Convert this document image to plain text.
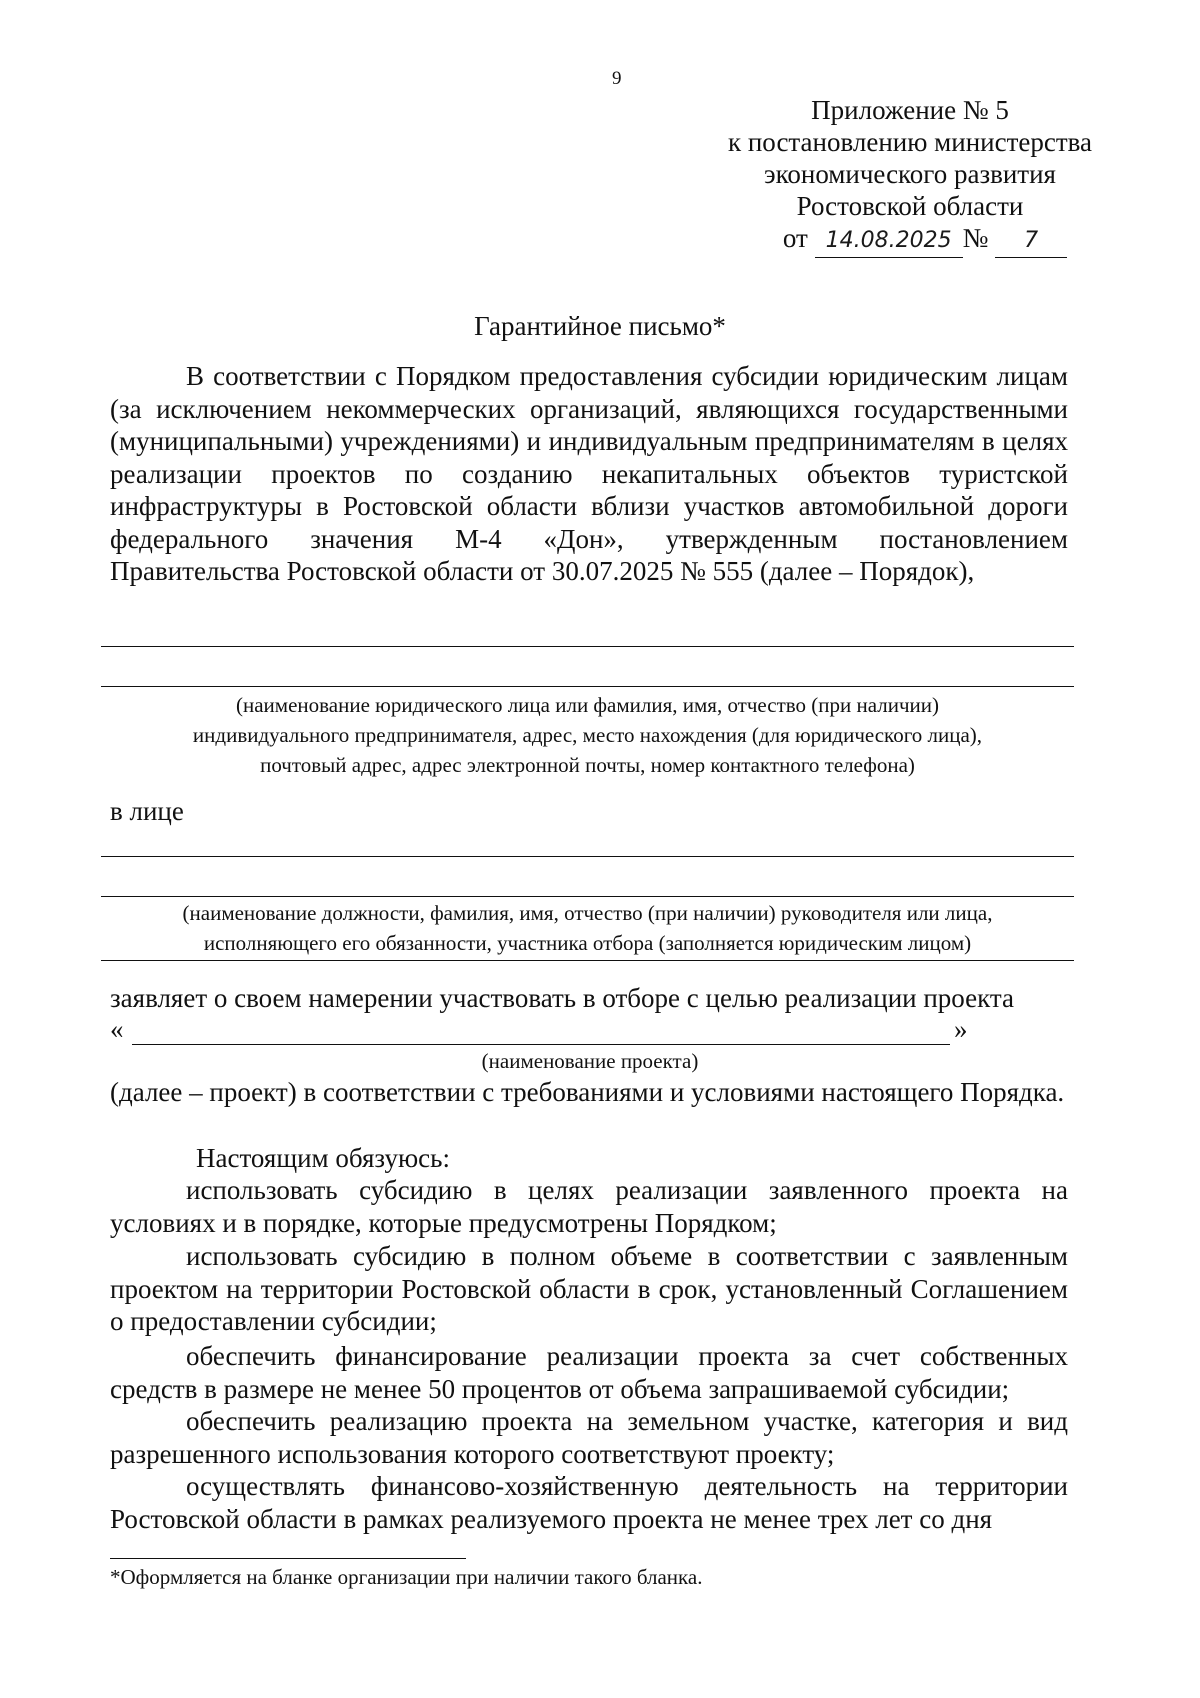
9
Приложение № 5
к постановлению министерства
экономического развития
Ростовской области
от 14.08.2025 № 7
Гарантийное письмо*
В соответствии с Порядком предоставления субсидии юридическим лицам (за исключением некоммерческих организаций, являющихся государственными (муниципальными) учреждениями) и индивидуальным предпринимателям в целях реализации проектов по созданию некапитальных объектов туристской инфраструктуры в Ростовской области вблизи участков автомобильной дороги федерального значения М-4 «Дон», утвержденным постановлением Правительства Ростовской области от 30.07.2025 № 555 (далее – Порядок),
(наименование юридического лица или фамилия, имя, отчество (при наличии)
индивидуального предпринимателя, адрес, место нахождения (для юридического лица),
почтовый адрес, адрес электронной почты, номер контактного телефона)
в лице
(наименование должности, фамилия, имя, отчество (при наличии) руководителя или лица,
исполняющего его обязанности, участника отбора (заполняется юридическим лицом)
заявляет о своем намерении участвовать в отборе с целью реализации проекта
«	»
(наименование проекта)
(далее – проект) в соответствии с требованиями и условиями настоящего Порядка.
Настоящим обязуюсь:
использовать субсидию в целях реализации заявленного проекта на условиях и в порядке, которые предусмотрены Порядком;
использовать субсидию в полном объеме в соответствии с заявленным проектом на территории Ростовской области в срок, установленный Соглашением о предоставлении субсидии;
обеспечить финансирование реализации проекта за счет собственных средств в размере не менее 50 процентов от объема запрашиваемой субсидии;
обеспечить реализацию проекта на земельном участке, категория и вид разрешенного использования которого соответствуют проекту;
осуществлять финансово-хозяйственную деятельность на территории Ростовской области в рамках реализуемого проекта не менее трех лет со дня
*Оформляется на бланке организации при наличии такого бланка.
